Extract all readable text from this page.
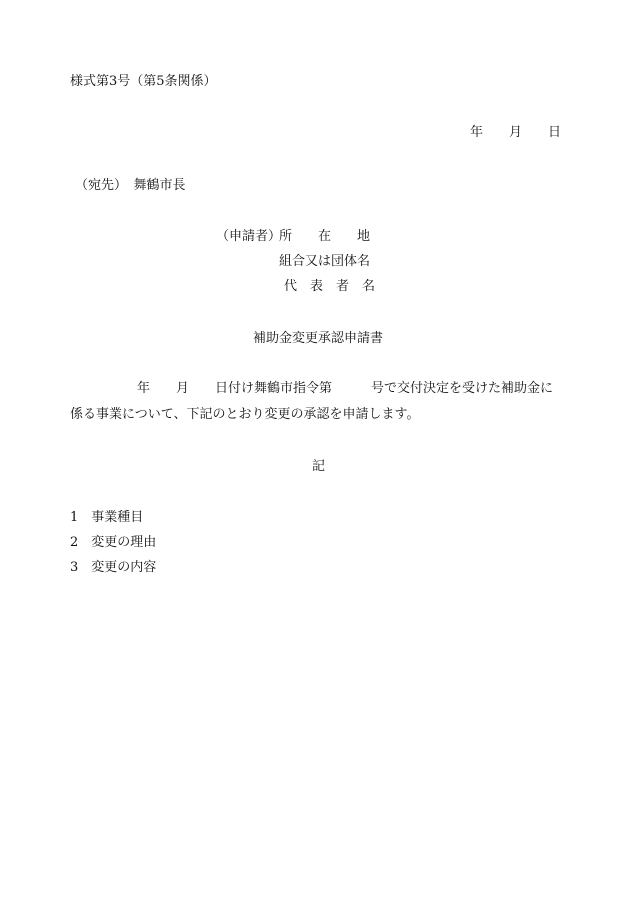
様式第3号（第5条関係）
年　　月　　日
（宛先）　舞鶴市長
（申請者）
所　　在　　地
組合又は団体名
代　表　者　名
補助金変更承認申請書
年　　月　　日付け舞鶴市指令第　　　号で交付決定を受けた補助金に
係る事業について、下記のとおり変更の承認を申請します。
記
1　事業種目
2　変更の理由
3　変更の内容
